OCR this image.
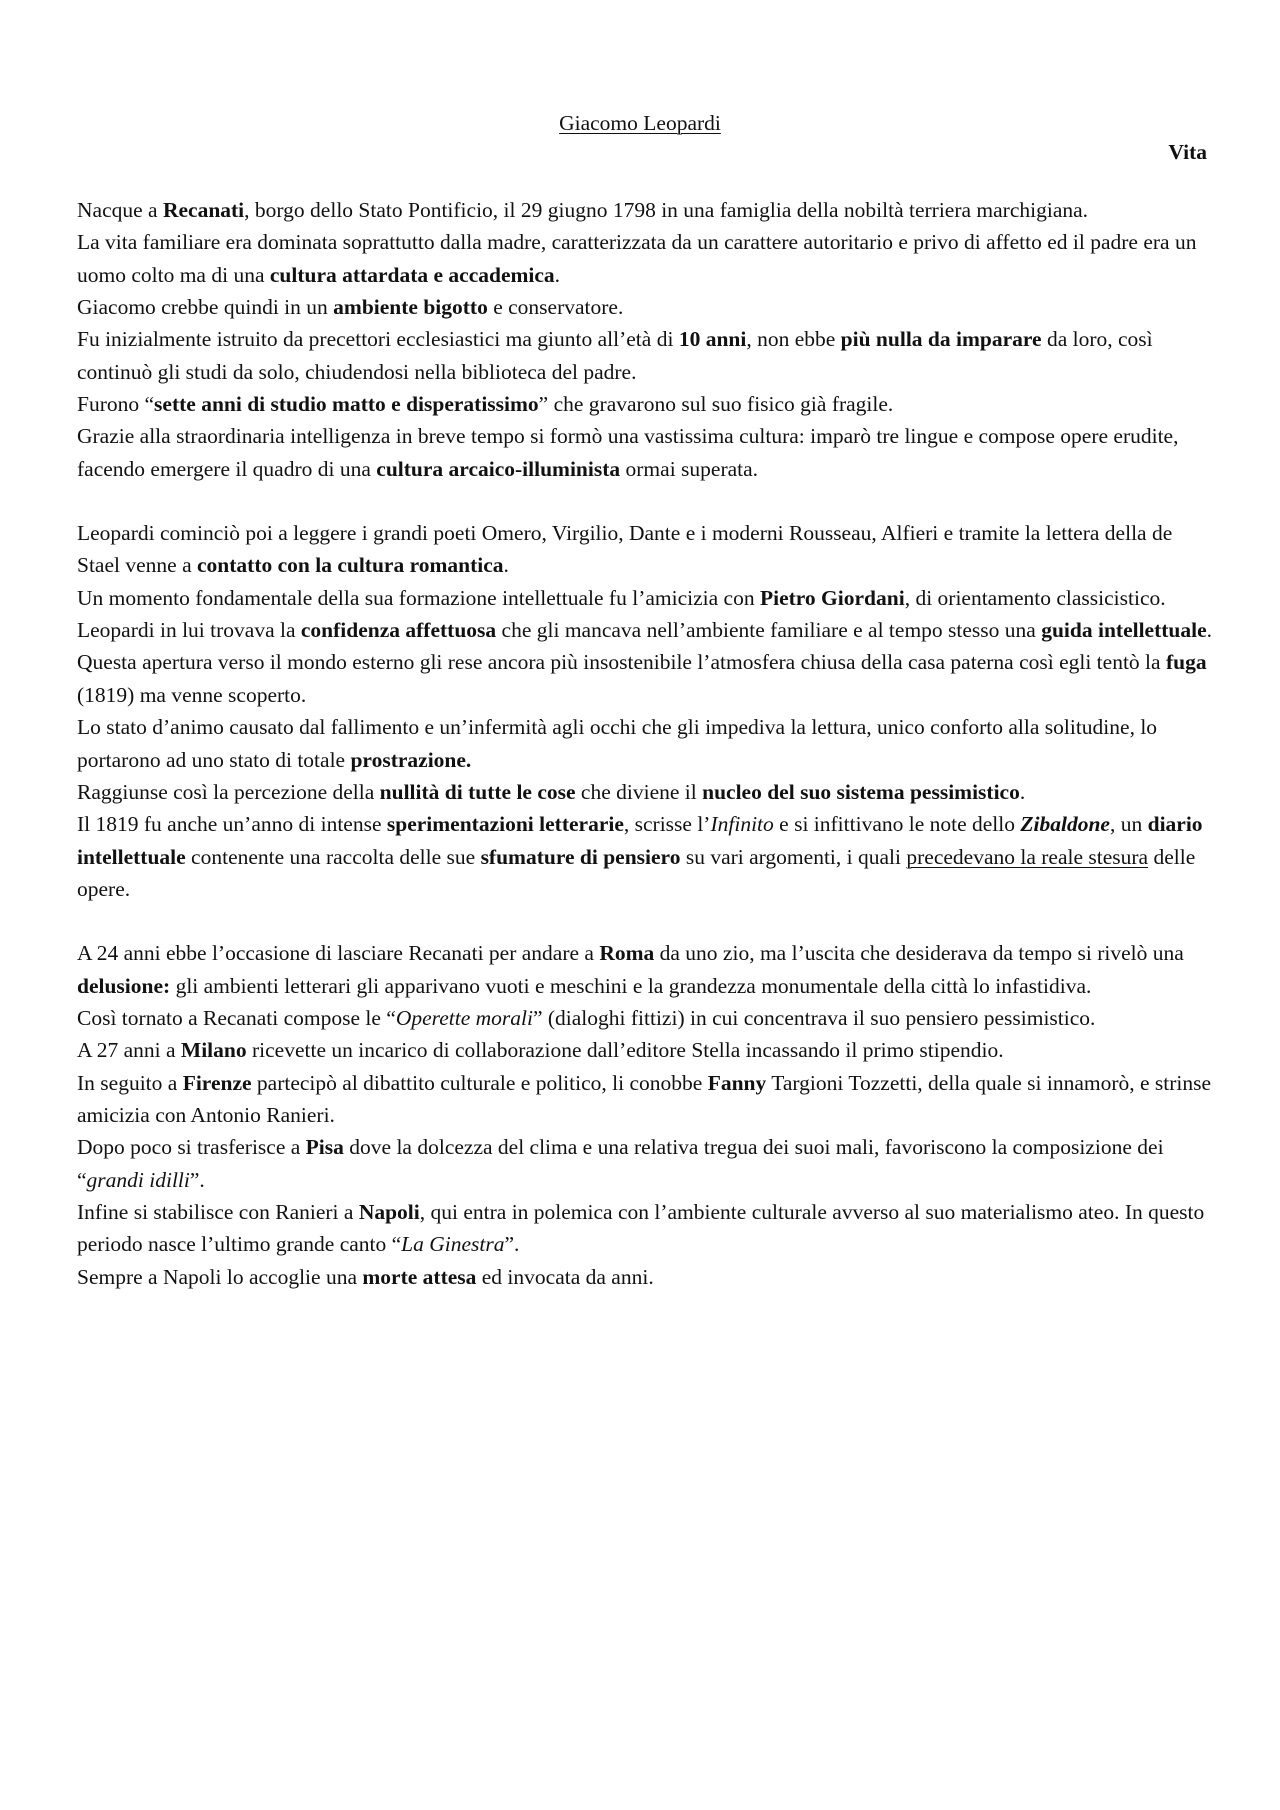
Giacomo Leopardi
Vita

Nacque a Recanati, borgo dello Stato Pontificio, il 29 giugno 1798 in una famiglia della nobiltà terriera marchigiana.

La vita familiare era dominata soprattutto dalla madre, caratterizzata da un carattere autoritario e privo di affetto ed il padre era un uomo colto ma di una cultura attardata e accademica.

Giacomo crebbe quindi in un ambiente bigotto e conservatore.

Fu inizialmente istruito da precettori ecclesiastici ma giunto all’età di 10 anni, non ebbe più nulla da imparare da loro, così continuò gli studi da solo, chiudendosi nella biblioteca del padre.

Furono “sette anni di studio matto e disperatissimo” che gravarono sul suo fisico già fragile.

Grazie alla straordinaria intelligenza in breve tempo si formò una vastissima cultura: imparò tre lingue e compose opere erudite, facendo emergere il quadro di una cultura arcaico-illuminista ormai superata.

Leopardi cominciò poi a leggere i grandi poeti Omero, Virgilio, Dante e i moderni Rousseau, Alfieri e tramite la lettera della de Stael venne a contatto con la cultura romantica.

Un momento fondamentale della sua formazione intellettuale fu l’amicizia con Pietro Giordani, di orientamento classicistico.

Leopardi in lui trovava la confidenza affettuosa che gli mancava nell’ambiente familiare e al tempo stesso una guida intellettuale.

Questa apertura verso il mondo esterno gli rese ancora più insostenibile l’atmosfera chiusa della casa paterna così egli tentò la fuga (1819) ma venne scoperto.

Lo stato d’animo causato dal fallimento e un’infermità agli occhi che gli impediva la lettura, unico conforto alla solitudine, lo portarono ad uno stato di totale prostrazione.

Raggiunse così la percezione della nullità di tutte le cose che diviene il nucleo del suo sistema pessimistico.

Il 1819 fu anche un’anno di intense sperimentazioni letterarie, scrisse l’Infinito e si infittivano le note dello Zibaldone, un diario intellettuale contenente una raccolta delle sue sfumature di pensiero su vari argomenti, i quali precedevano la reale stesura delle opere.

A 24 anni ebbe l’occasione di lasciare Recanati per andare a Roma da uno zio, ma l’uscita che desiderava da tempo si rivelò una delusione: gli ambienti letterari gli apparivano vuoti e meschini e la grandezza monumentale della città lo infastidiva.

Così tornato a Recanati compose le “Operette morali” (dialoghi fittizi) in cui concentrava il suo pensiero pessimistico.

A 27 anni a Milano ricevette un incarico di collaborazione dall’editore Stella incassando il primo stipendio.

In seguito a Firenze partecipò al dibattito culturale e politico, li conobbe Fanny Targioni Tozzetti, della quale si innamorò, e strinse amicizia con Antonio Ranieri.

Dopo poco si trasferisce a Pisa dove la dolcezza del clima e una relativa tregua dei suoi mali, favoriscono la composizione dei “grandi idilli”.

Infine si stabilisce con Ranieri a Napoli, qui entra in polemica con l’ambiente culturale avverso al suo materialismo ateo. In questo periodo nasce l’ultimo grande canto “La Ginestra”.

Sempre a Napoli lo accoglie una morte attesa ed invocata da anni.
